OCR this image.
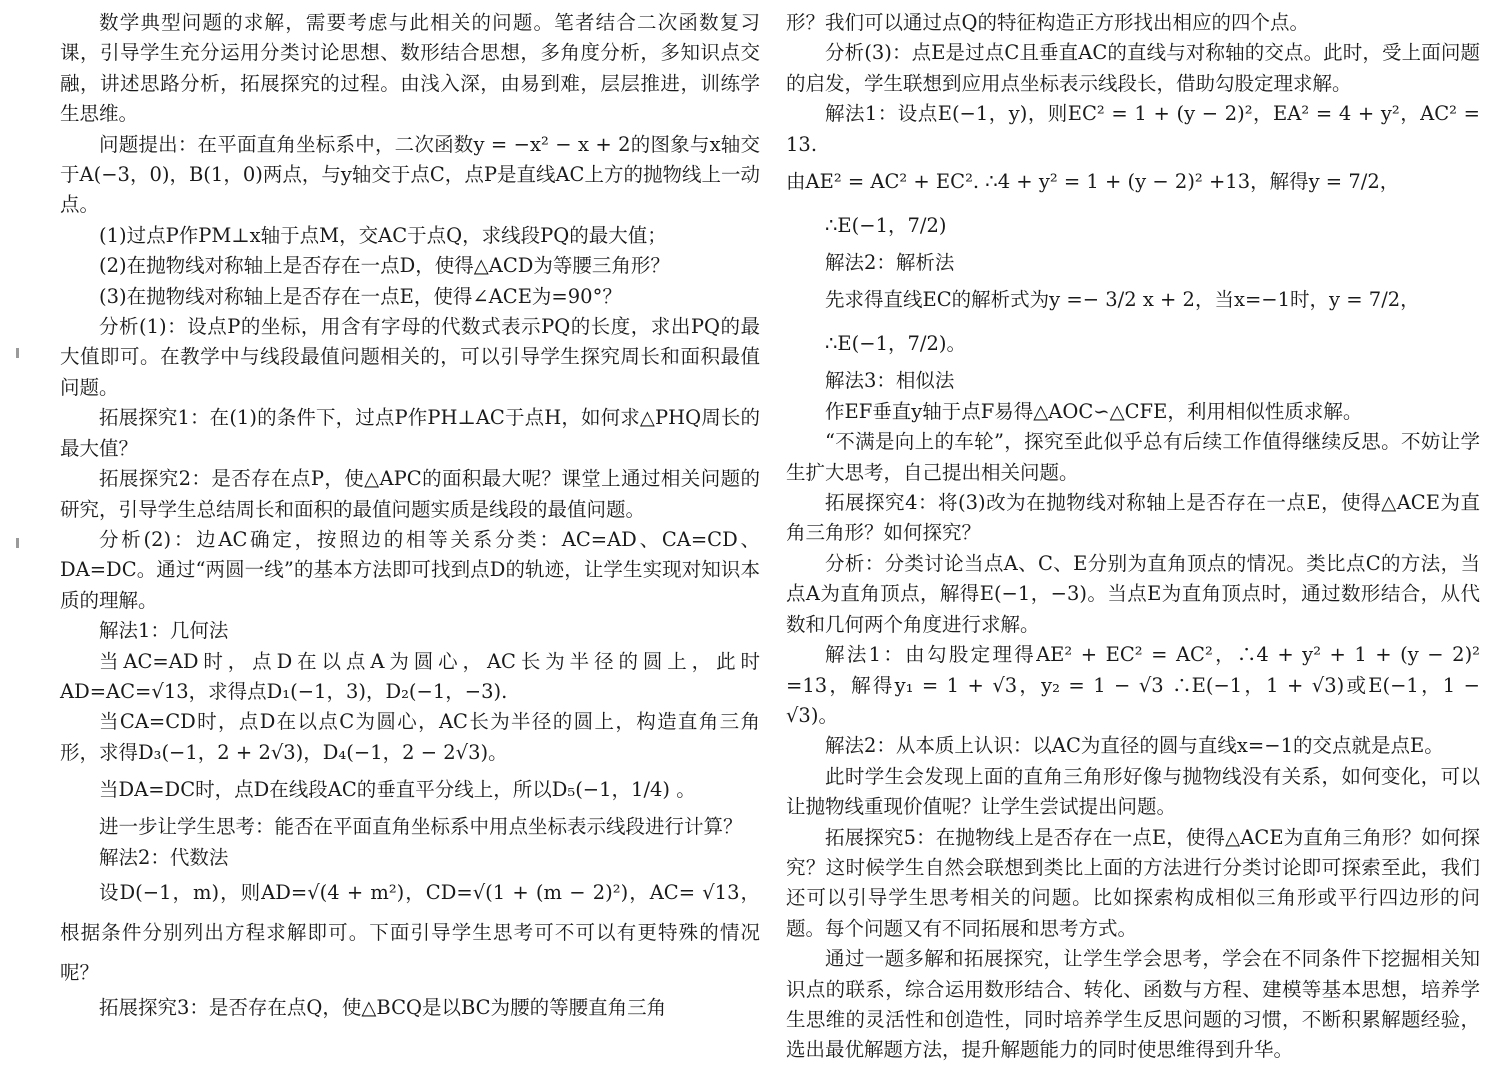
数学典型问题的求解，需要考虑与此相关的问题。笔者结合二次函数复习课，引导学生充分运用分类讨论思想、数形结合思想，多角度分析，多知识点交融，讲述思路分析，拓展探究的过程。由浅入深，由易到难，层层推进，训练学生思维。

问题提出：在平面直角坐标系中，二次函数y = −x² − x + 2的图象与x轴交于A(−3，0)，B(1，0)两点，与y轴交于点C，点P是直线AC上方的抛物线上一动点。

(1)过点P作PM⊥x轴于点M，交AC于点Q，求线段PQ的最大值；

(2)在抛物线对称轴上是否存在一点D，使得△ACD为等腰三角形？

(3)在抛物线对称轴上是否存在一点E，使得∠ACE为=90°？

分析(1)：设点P的坐标，用含有字母的代数式表示PQ的长度，求出PQ的最大值即可。在教学中与线段最值问题相关的，可以引导学生探究周长和面积最值问题。

拓展探究1：在(1)的条件下，过点P作PH⊥AC于点H，如何求△PHQ周长的最大值？

拓展探究2：是否存在点P，使△APC的面积最大呢？课堂上通过相关问题的研究，引导学生总结周长和面积的最值问题实质是线段的最值问题。

分析(2)：边AC确定，按照边的相等关系分类：AC=AD、CA=CD、DA=DC。通过“两圆一线”的基本方法即可找到点D的轨迹，让学生实现对知识本质的理解。

解法1：几何法

当AC=AD时，点D在以点A为圆心，AC长为半径的圆上，此时AD=AC=√13，求得点D₁(−1，3)，D₂(−1，−3).

当CA=CD时，点D在以点C为圆心，AC长为半径的圆上，构造直角三角形，求得D₃(−1，2 + 2√3)，D₄(−1，2 − 2√3)。

当DA=DC时，点D在线段AC的垂直平分线上，所以D₅(−1，1/4) 。

进一步让学生思考：能否在平面直角坐标系中用点坐标表示线段进行计算？

解法2：代数法

设D(−1，m)，则AD=√(4 + m²)，CD=√(1 + (m − 2)²)，AC= √13，根据条件分别列出方程求解即可。下面引导学生思考可不可以有更特殊的情况呢？

拓展探究3：是否存在点Q，使△BCQ是以BC为腰的等腰直角三角

形？我们可以通过点Q的特征构造正方形找出相应的四个点。

分析(3)：点E是过点C且垂直AC的直线与对称轴的交点。此时，受上面问题的启发，学生联想到应用点坐标表示线段长，借助勾股定理求解。

解法1：设点E(−1，y)，则EC² = 1 + (y − 2)²，EA² = 4 + y²，AC² = 13.

由AE² = AC² + EC². ∴4 + y² = 1 + (y − 2)² +13，解得y = 7/2，

∴E(−1，7/2)

解法2：解析法

先求得直线EC的解析式为y =− 3/2 x + 2，当x=−1时，y = 7/2，

∴E(−1，7/2)。

解法3：相似法

作EF垂直y轴于点F易得△AOC∽△CFE，利用相似性质求解。

“不满是向上的车轮”，探究至此似乎总有后续工作值得继续反思。不妨让学生扩大思考，自己提出相关问题。

拓展探究4：将(3)改为在抛物线对称轴上是否存在一点E，使得△ACE为直角三角形？如何探究？

分析：分类讨论当点A、C、E分别为直角顶点的情况。类比点C的方法，当点A为直角顶点，解得E(−1，−3)。当点E为直角顶点时，通过数形结合，从代数和几何两个角度进行求解。

解法1：由勾股定理得AE² + EC² = AC²，∴4 + y² + 1 + (y − 2)² =13，解得y₁ = 1 + √3，y₂ = 1 − √3 ∴E(−1，1 + √3)或E(−1，1 − √3)。

解法2：从本质上认识：以AC为直径的圆与直线x=−1的交点就是点E。

此时学生会发现上面的直角三角形好像与抛物线没有关系，如何变化，可以让抛物线重现价值呢？让学生尝试提出问题。

拓展探究5：在抛物线上是否存在一点E，使得△ACE为直角三角形？如何探究？这时候学生自然会联想到类比上面的方法进行分类讨论即可探索至此，我们还可以引导学生思考相关的问题。比如探索构成相似三角形或平行四边形的问题。每个问题又有不同拓展和思考方式。

通过一题多解和拓展探究，让学生学会思考，学会在不同条件下挖掘相关知识点的联系，综合运用数形结合、转化、函数与方程、建模等基本思想，培养学生思维的灵活性和创造性，同时培养学生反思问题的习惯，不断积累解题经验，选出最优解题方法，提升解题能力的同时使思维得到升华。
